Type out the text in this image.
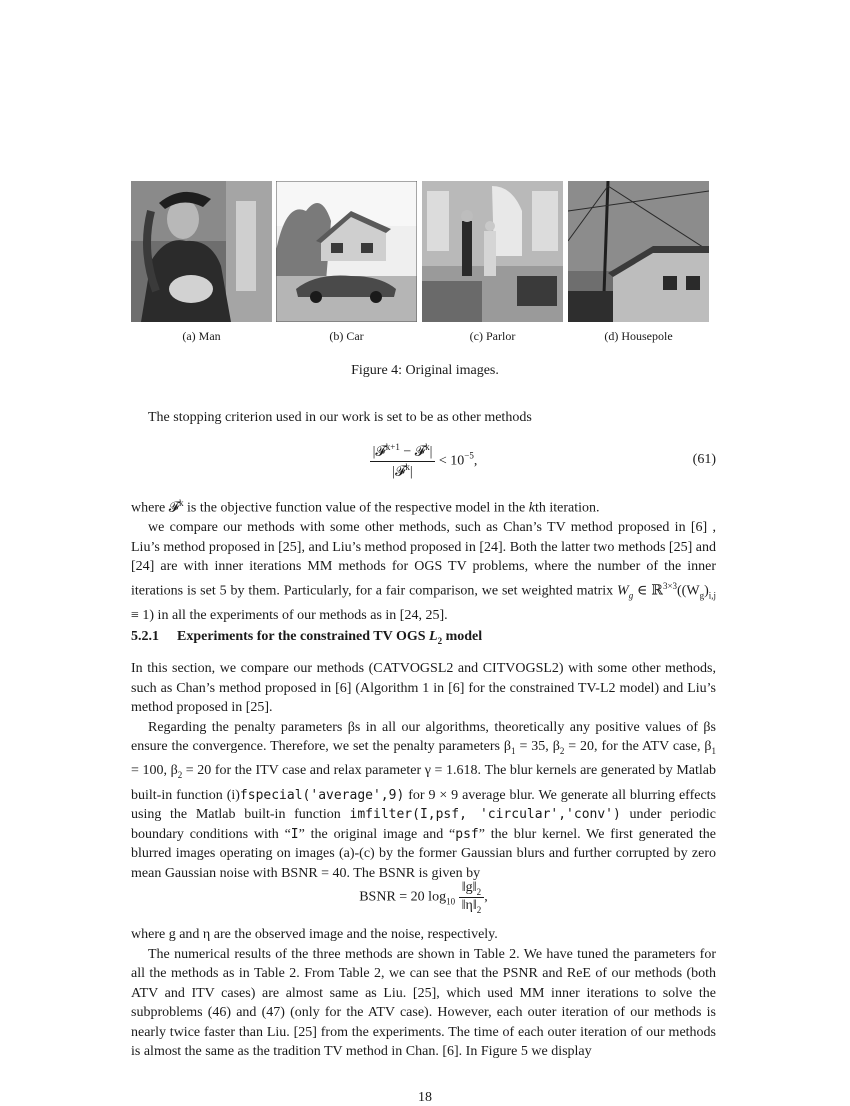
(a) Man	(b) Car	(c) Parlor	(d) Housepole
Figure 4: Original images.

The stopping criterion used in our work is set to be as other methods

$\frac{|𝓕^{k+1} - 𝓕^k|}{|𝓕^k|} < 10^{-5}$,	(61)

where 𝓕$^k$ is the objective function value of the respective model in the kth iteration.

we compare our methods with some other methods, such as Chan’s TV method proposed in [6] , Liu’s method proposed in [25], and Liu’s method proposed in [24]. Both the latter two methods [25] and [24] are with inner iterations MM methods for OGS TV problems, where the number of the inner iterations is set 5 by them. Particularly, for a fair comparison, we set weighted matrix $W_g$ ∈ $ℝ^{3\times 3}((W_g)_{i,j} \equiv 1)$ in all the experiments of our methods as in [24, 25].

5.2.1 Experiments for the constrained TV OGS $L_2$ model

In this section, we compare our methods (CATVOGSL2 and CITVOGSL2) with some other methods, such as Chan’s method proposed in [6] (Algorithm 1 in [6] for the constrained TV-L2 model) and Liu’s method proposed in [25].

Regarding the penalty parameters βs in all our algorithms, theoretically any positive values of βs ensure the convergence. Therefore, we set the penalty parameters $\beta_1 = 35$, $\beta_2 = 20$, for the ATV case, $\beta_1 = 100$, $\beta_2 = 20$ for the ITV case and relax parameter γ = 1.618. The blur kernels are generated by Matlab built-in function (i)fspecial('average',9) for 9 × 9 average blur. We generate all blurring effects using the Matlab built-in function imfilter(I,psf, 'circular','conv') under periodic boundary conditions with “I” the original image and “psf” the blur kernel. We first generated the blurred images operating on images (a)-(c) by the former Gaussian blurs and further corrupted by zero mean Gaussian noise with BSNR = 40. The BSNR is given by

BSNR = 20 $\log_{10} \frac{‖g‖_2}{‖\eta‖_2}$ ,

where g and η are the observed image and the noise, respectively.

The numerical results of the three methods are shown in Table 2. We have tuned the parameters for all the methods as in Table 2. From Table 2, we can see that the PSNR and ReE of our methods (both ATV and ITV cases) are almost same as Liu. [25], which used MM inner iterations to solve the subproblems (46) and (47) (only for the ATV case). However, each outer iteration of our methods is nearly twice faster than Liu. [25] from the experiments. The time of each outer iteration of our methods is almost the same as the tradition TV method in Chan. [6]. In Figure 5 we display

18
